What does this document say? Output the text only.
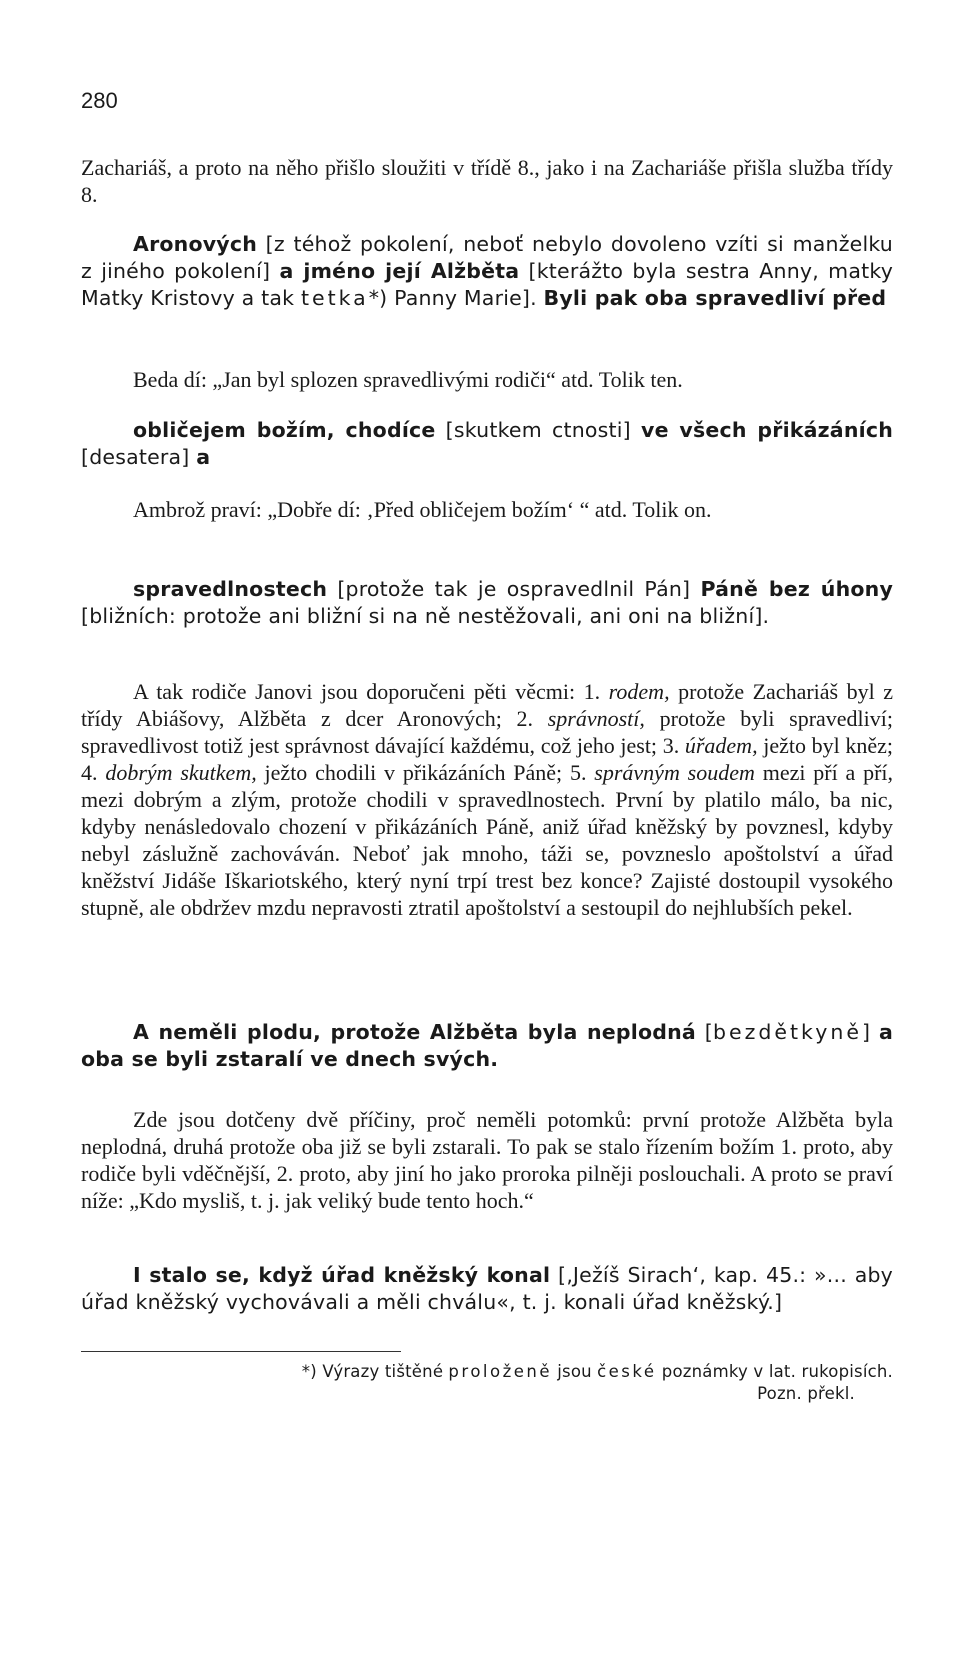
280
Zachariáš, a proto na něho přišlo sloužiti v třídě 8., jako i na Zachariáše přišla služba třídy 8.
Aronových [z téhož pokolení, neboť nebylo dovoleno vzíti si manželku z jiného pokolení] a jméno její Alžběta [kterážto byla sestra Anny, matky Matky Kristovy a tak tetka*) Panny Marie]. Byli pak oba spravedliví před
Beda dí: „Jan byl splozen spravedlivými rodiči“ atd. Tolik ten.
obličejem božím, chodíce [skutkem ctnosti] ve všech přikázáních [desatera] a
Ambrož praví: „Dobře dí: ‚Před obličejem božím‘ “ atd. Tolik on.
spravedlnostech [protože tak je ospravedlnil Pán] Páně bez úhony [bližních: protože ani bližní si na ně nestěžovali, ani oni na bližní].
A tak rodiče Janovi jsou doporučeni pěti věcmi: 1. rodem, protože Zachariáš byl z třídy Abiášovy, Alžběta z dcer Aronových; 2. správností, protože byli spravedliví; spravedlivost totiž jest správnost dávající každému, což jeho jest; 3. úřadem, ježto byl kněz; 4. dobrým skutkem, ježto chodili v přikázáních Páně; 5. správným soudem mezi pří a pří, mezi dobrým a zlým, protože chodili v spravedlnostech. První by platilo málo, ba nic, kdyby nenásledovalo chození v přikázáních Páně, aniž úřad kněžský by povznesl, kdyby nebyl záslužně zachováván. Neboť jak mnoho, táži se, povzneslo apoštolství a úřad kněžství Jidáše Iškariotského, který nyní trpí trest bez konce? Zajisté dostoupil vysokého stupně, ale obdržev mzdu nepravosti ztratil apoštolství a sestoupil do nejhlubších pekel.
A neměli plodu, protože Alžběta byla neplodná [bezdětkyně] a oba se byli zstaralí ve dnech svých.
Zde jsou dotčeny dvě příčiny, proč neměli potomků: první protože Alžběta byla neplodná, druhá protože oba již se byli zstarali. To pak se stalo řízením božím 1. proto, aby rodiče byli vděčnější, 2. proto, aby jiní ho jako proroka pilněji poslouchali. A proto se praví níže: „Kdo mysliš, t. j. jak veliký bude tento hoch.“
I stalo se, když úřad kněžský konal [‚Ježíš Sirach‘, kap. 45.: »... aby úřad kněžský vychovávali a měli chválu«, t. j. konali úřad kněžský.]
*) Výrazy tištěné proloženě jsou české poznámky v lat. rukopisích.
Pozn. překl.
